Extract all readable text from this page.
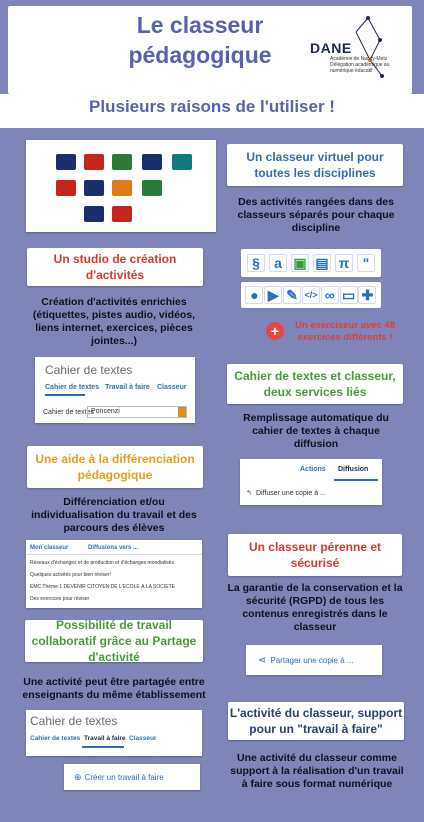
Le classeur pédagogique	DANE
Académie de Nancy-Metz Délégation académique au numérique éducatif
Plusieurs raisons de l'utiliser !
Un classeur virtuel pour toutes les disciplines
Des activités rangées dans des classeurs séparés pour chaque discipline
Un studio de création d'activités
Création d'activités enrichies (étiquettes, pistes audio, vidéos, liens internet, exercices, pièces jointes...)
§	a ▣ ▤ π "
● ▶ ✎ </> ∞ ▭ ✚
+	Un exerciseur avec 48 exercices différents !
Cahier de textes
Cahier de textes Travail à faire Classeur
Cahier de textes
Poncenzi
Cahier de textes et classeur, deux services liés
Remplissage automatique du cahier de textes à chaque diffusion
Une aide à la différenciation pédagogique
Différenciation et/ou individualisation du travail et des parcours des élèves
Actions Diffusion
↰ Diffuser une copie à ...
Mon classeur	Diffusions vers ...
Réseaux d'échanges et de production et d'échanges mondialisés
Quelques activités pour bien réviser!
EMC Thème 1 DEVENIR CITOYEN DE L'ÉCOLE À LA SOCIÉTÉ
Des exercices pour réviser
Un classeur pérenne et sécurisé
La garantie de la conservation et la sécurité (RGPD) de tous les contenus enregistrés dans le classeur
Possibilité de travail collaboratif grâce au Partage d'activité
Une activité peut être partagée entre enseignants du même établissement
⋖ Partager une copie à ...
Cahier de textes
Cahier de textes Travail à faire Classeur
⊕ Créer un travail à faire
L'activité du classeur, support pour un "travail à faire"
Une activité du classeur comme support à la réalisation d'un travail à faire sous format numérique
